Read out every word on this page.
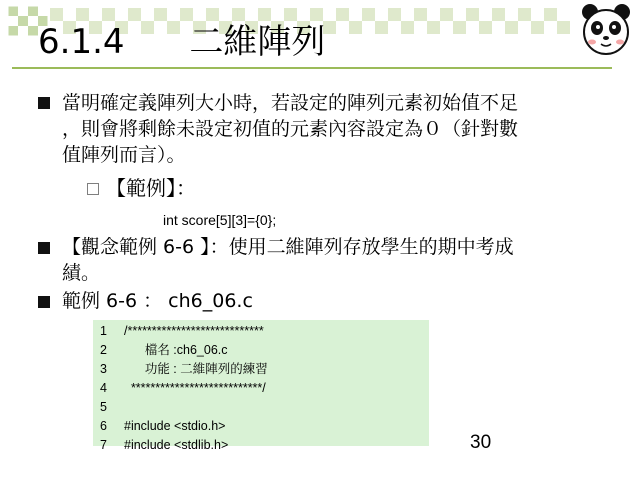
6.1.4      二維陣列
當明確定義陣列大小時，若設定的陣列元素初始值不足
，則會將剩餘未設定初值的元素內容設定為０（針對數
值陣列而言）。
【範例】：
int score[5][3]={0};
【觀念範例 6-6 】：使用二維陣列存放學生的期中考成
績。
範例 6-6 ： ch6_06.c
1 /****************************
2 檔名 :ch6_06.c
3 功能 : 二維陣列的練習
4 ***************************/
5
6 #include <stdio.h>
7 #include <stdlib.h>	30
